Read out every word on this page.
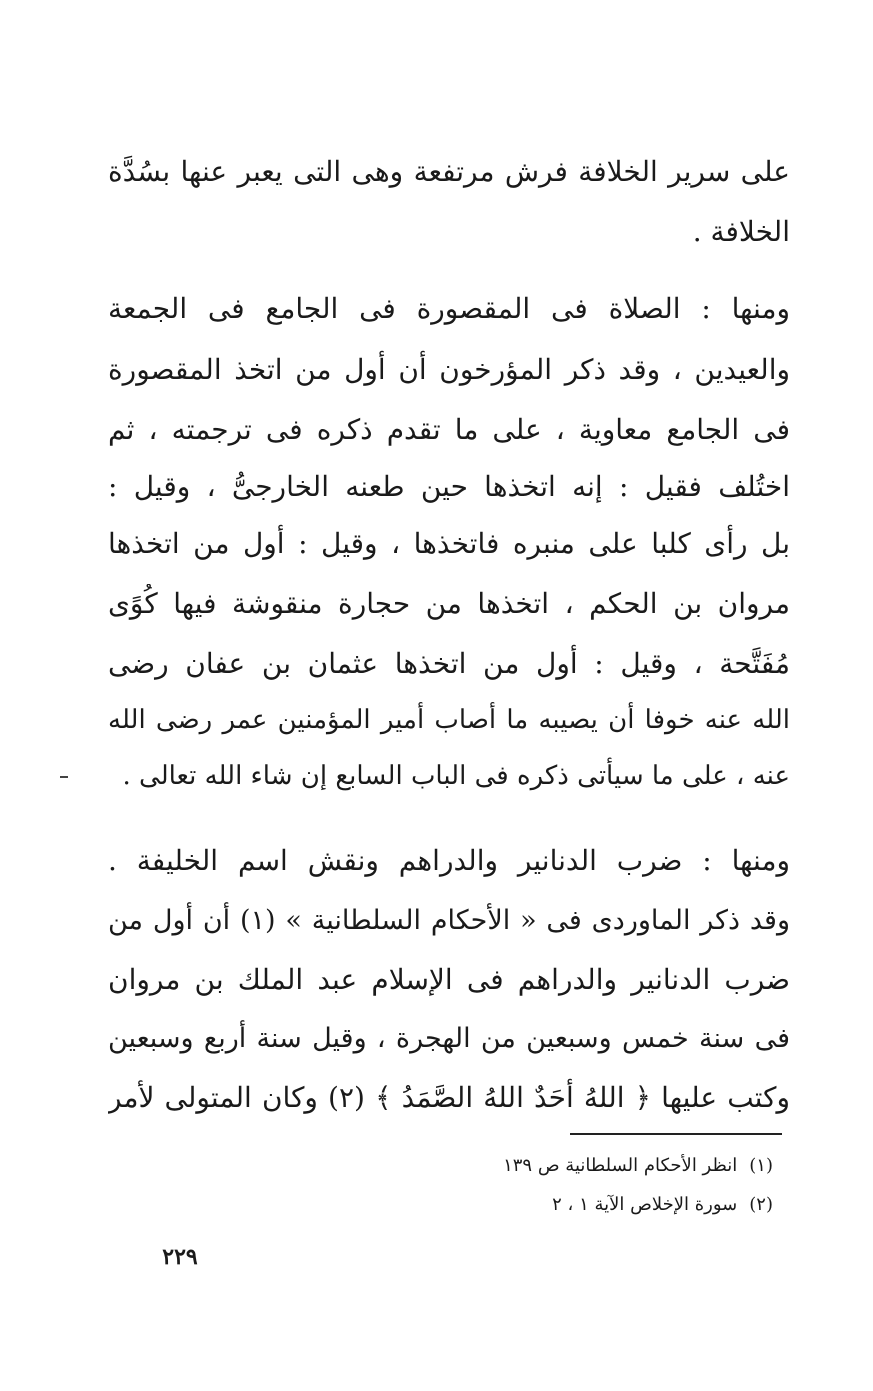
على سرير الخلافة فرش مرتفعة وهى التى يعبر عنها بسُدَّة
الخلافة .
ومنها : الصلاة فى المقصورة فى الجامع فى الجمعة
والعيدين ، وقد ذكر المؤرخون أن أول من اتخذ المقصورة
فى الجامع معاوية ، على ما تقدم ذكره فى ترجمته ، ثم
اختُلف فقيل : إنه اتخذها حين طعنه الخارجىُّ ، وقيل :
بل رأى كلبا على منبره فاتخذها ، وقيل : أول من اتخذها
مروان بن الحكم ، اتخذها من حجارة منقوشة فيها كُوًى
مُفَتَّحة ، وقيل : أول من اتخذها عثمان بن عفان رضى
الله عنه خوفا أن يصيبه ما أصاب أمير المؤمنين عمر رضى الله
عنه ، على ما سيأتى ذكره فى الباب السابع إن شاء الله تعالى .
ومنها : ضرب الدنانير والدراهم ونقش اسم الخليفة .
وقد ذكر الماوردى فى « الأحكام السلطانية » (١) أن أول من
ضرب الدنانير والدراهم فى الإسلام عبد الملك بن مروان
فى سنة خمس وسبعين من الهجرة ، وقيل سنة أربع وسبعين
وكتب عليها ﴿ اللهُ أَحَدٌ اللهُ الصَّمَدُ ﴾ (٢) وكان المتولى لأمر
(١)انظر الأحكام السلطانية ص ١٣٩
(٢)سورة الإخلاص الآية ١ ، ٢
٢٢٩
